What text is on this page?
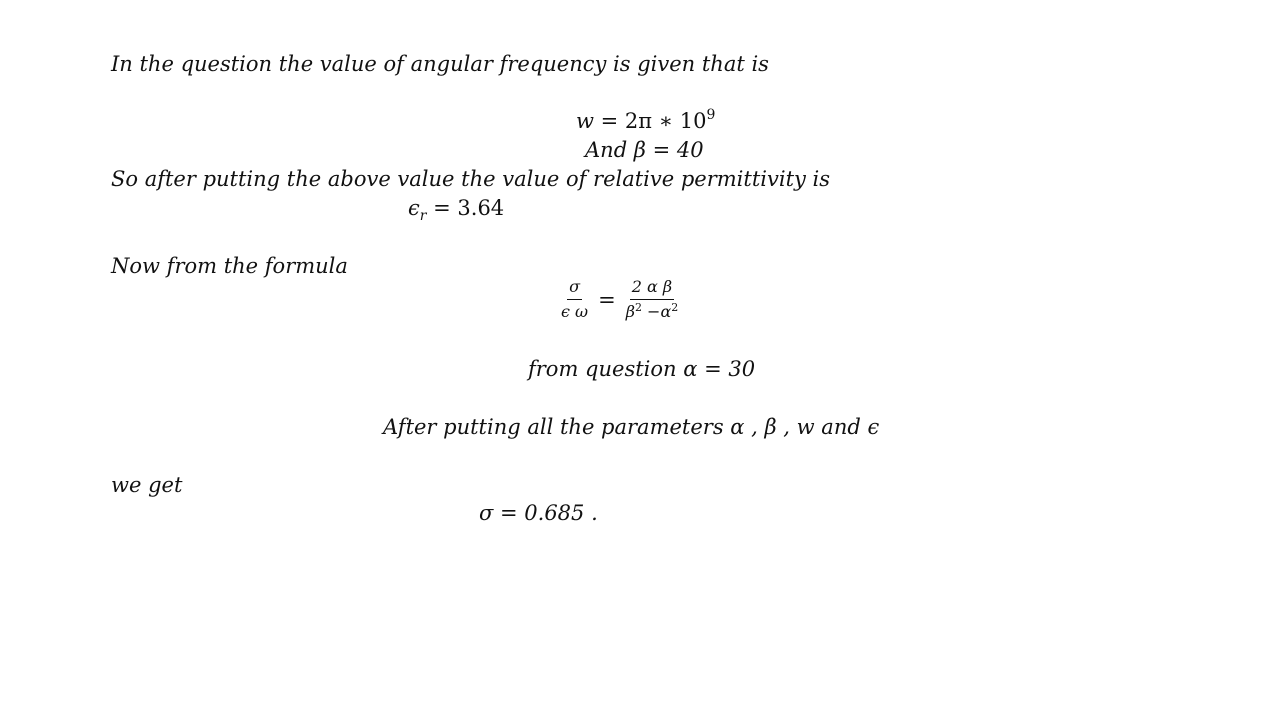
In the question the value of angular frequency is given that is
w = 2π ∗ $10^9$
And β = 40
So after putting the above value the value of relative permittivity is
$\epsilon_r = 3.64$
Now from the formula
$\frac{\sigma}{\text{ϵ ω}} = \frac{\text{2 α β}}{\beta^2 -\alpha^2}$
from question α = 30
After putting all the parameters α , β , w and ϵ
we get
σ = 0.685 .
